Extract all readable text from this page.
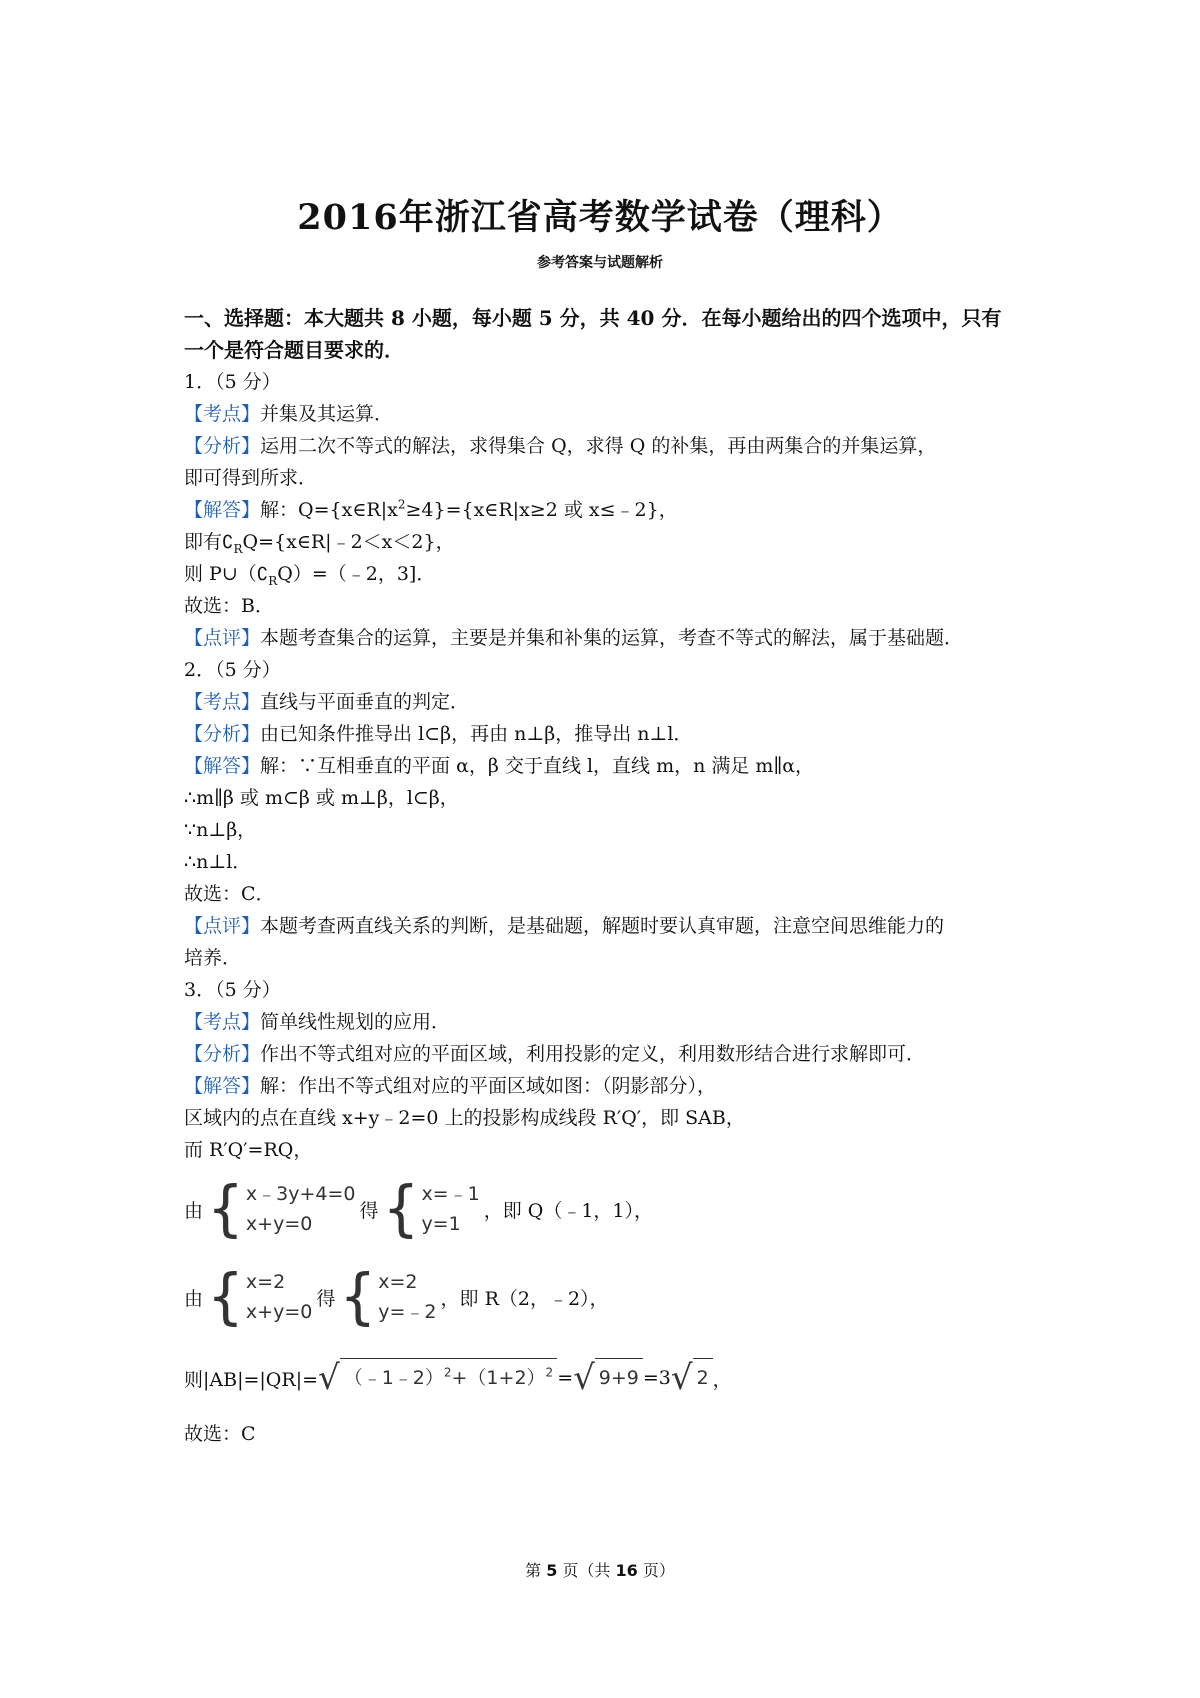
2016年浙江省高考数学试卷（理科）
参考答案与试题解析
一、选择题：本大题共 8 小题，每小题 5 分，共 40 分．在每小题给出的四个选项中，只有
一个是符合题目要求的．
1．（5 分）
【考点】并集及其运算．
【分析】运用二次不等式的解法，求得集合 Q，求得 Q 的补集，再由两集合的并集运算，
即可得到所求．
【解答】解：$Q=\{x\in R|x^2\ge 4\}=\{x\in R|x\ge 2$ 或 x≤﹣2}，
即有$∁_RQ=\{x\in R|﹣2<x<2\}$，
则 $P\cup(∁_RQ)=(﹣2$，3]．
故选：B．
【点评】本题考查集合的运算，主要是并集和补集的运算，考查不等式的解法，属于基础题．
2．（5 分）
【考点】直线与平面垂直的判定．
【分析】由已知条件推导出 l⊂β，再由 n⊥β，推导出 n⊥l．
【解答】解：∵互相垂直的平面 α，β 交于直线 l，直线 m，n 满足 m∥α，
∴m∥β 或 m⊂β 或 m⊥β，l⊂β，
∵n⊥β，
∴n⊥l．
故选：C．
【点评】本题考查两直线关系的判断，是基础题，解题时要认真审题，注意空间思维能力的
培养．
3．（5 分）
【考点】简单线性规划的应用．
【分析】作出不等式组对应的平面区域，利用投影的定义，利用数形结合进行求解即可．
【解答】解：作出不等式组对应的平面区域如图：（阴影部分），
区域内的点在直线 x+y﹣2=0 上的投影构成线段 R′Q′，即 SAB，
而 R′Q′=RQ，
由 { x﹣3y+4=0
x+y=0
得 { x=﹣1
y=1
，即 Q（﹣1，1），
由 { x=2
x+y=0
得 { x=2
y=﹣2
，即 R（2，﹣2），
则|AB|=|QR|= √ $(﹣1﹣2)^2+(1+2)^2$ = √ 9+9 =3 √ 2 ，
故选：C
第 5 页（共 16 页）
